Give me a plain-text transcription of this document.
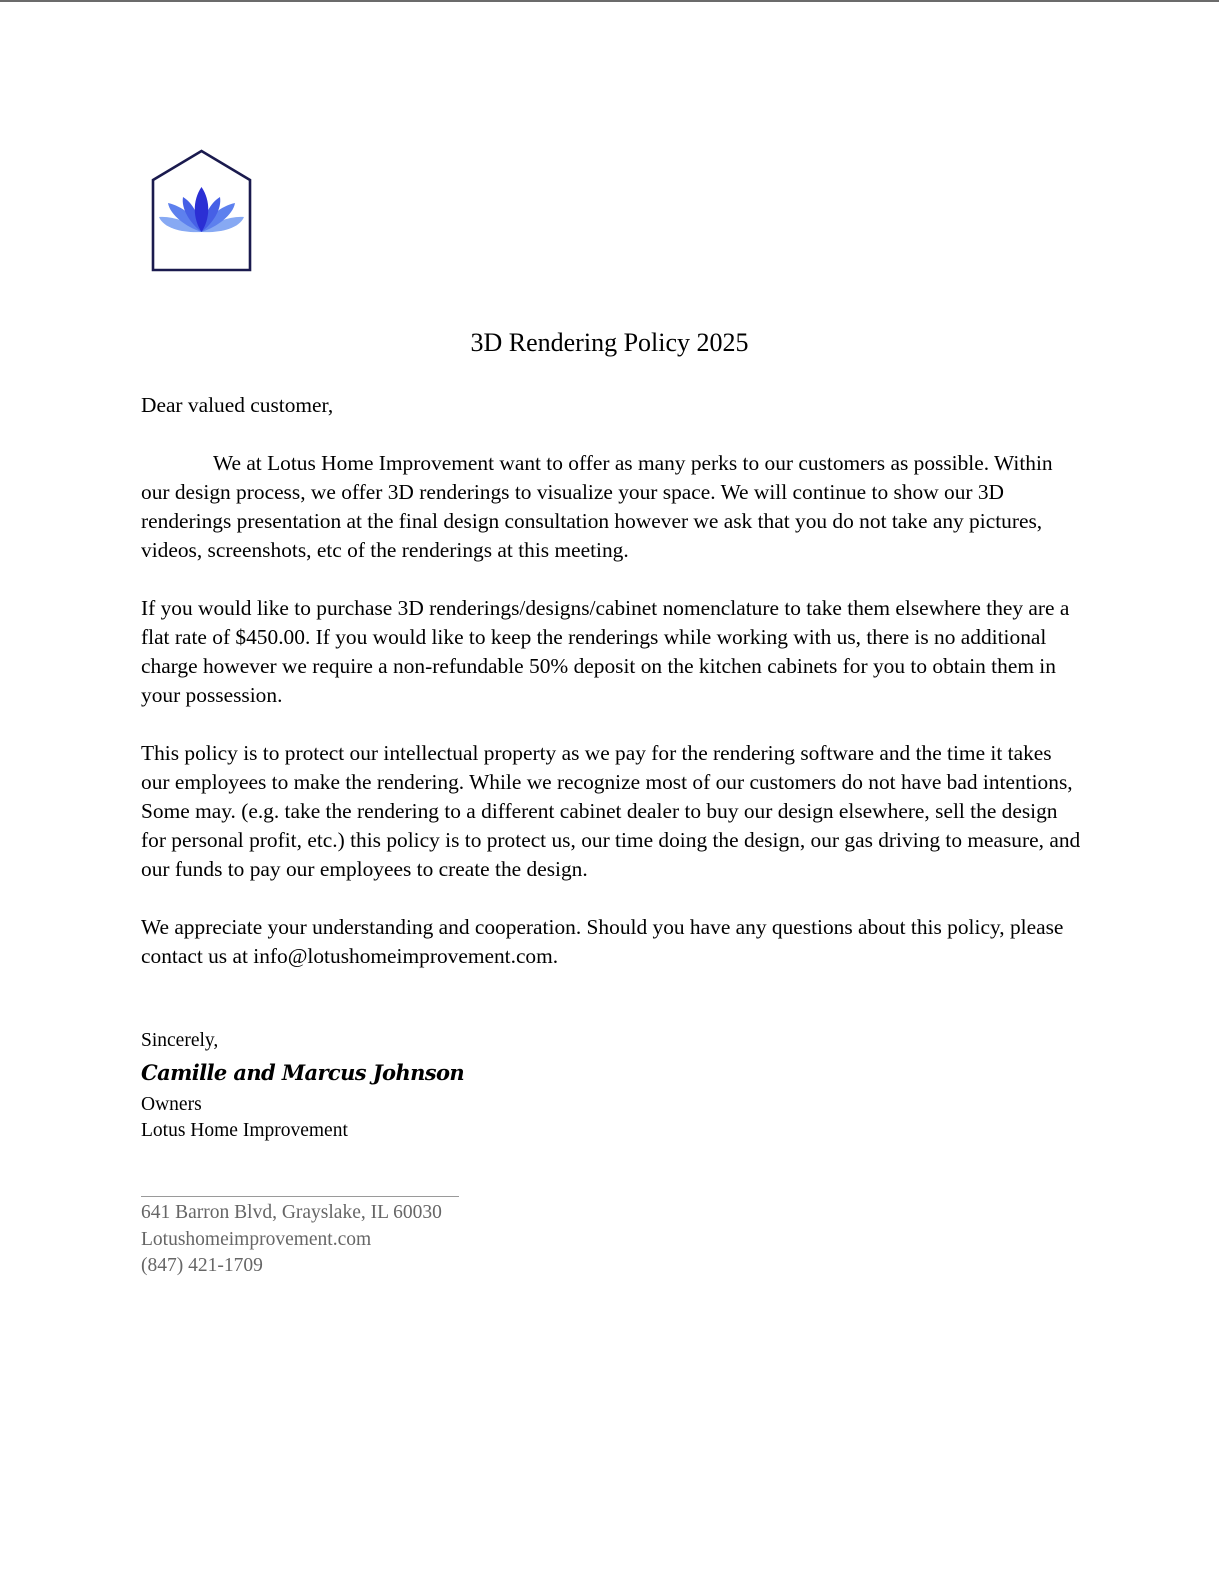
3D Rendering Policy 2025

Dear valued customer,

We at Lotus Home Improvement want to offer as many perks to our customers as possible. Within our design process, we offer 3D renderings to visualize your space. We will continue to show our 3D renderings presentation at the final design consultation however we ask that you do not take any pictures, videos, screenshots, etc of the renderings at this meeting.

If you would like to purchase 3D renderings/designs/cabinet nomenclature to take them elsewhere they are a flat rate of $450.00. If you would like to keep the renderings while working with us, there is no additional charge however we require a non-refundable 50% deposit on the kitchen cabinets for you to obtain them in your possession.

This policy is to protect our intellectual property as we pay for the rendering software and the time it takes our employees to make the rendering. While we recognize most of our customers do not have bad intentions, Some may. (e.g. take the rendering to a different cabinet dealer to buy our design elsewhere, sell the design for personal profit, etc.) this policy is to protect us, our time doing the design, our gas driving to measure, and our funds to pay our employees to create the design.

We appreciate your understanding and cooperation. Should you have any questions about this policy, please contact us at info@lotushomeimprovement.com.

Sincerely,
Camille and Marcus Johnson
Owners
Lotus Home Improvement
641 Barron Blvd, Grayslake, IL 60030
Lotushomeimprovement.com
(847) 421-1709
